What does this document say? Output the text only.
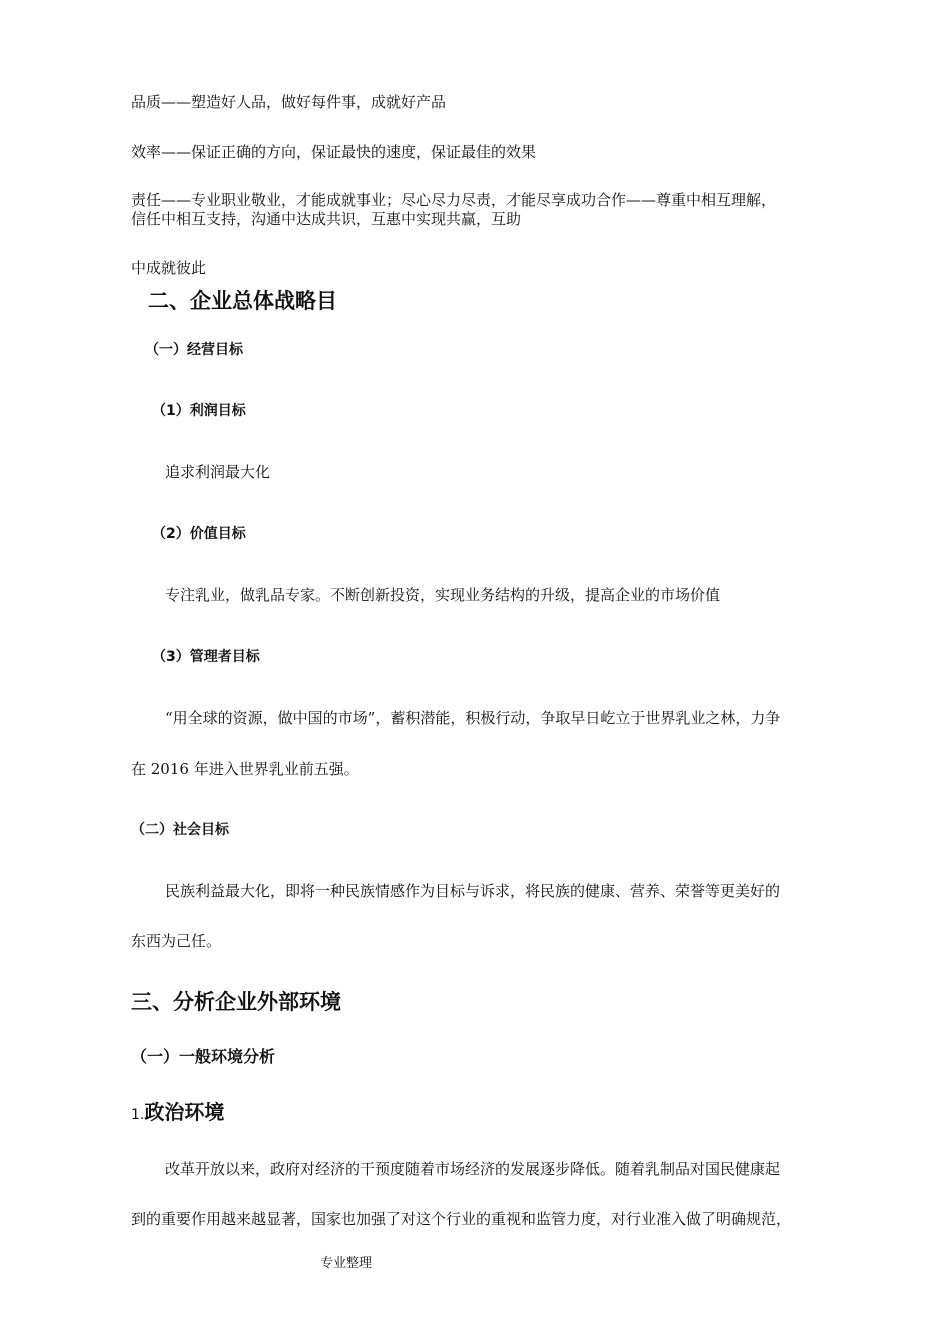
品质——塑造好人品，做好每件事，成就好产品

效率——保证正确的方向，保证最快的速度，保证最佳的效果

责任——专业职业敬业，才能成就事业；尽心尽力尽责，才能尽享成功合作——尊重中相互理解，

信任中相互支持，沟通中达成共识，互惠中实现共赢，互助

中成就彼此

二、企业总体战略目

（一）经营目标

（1）利润目标

追求利润最大化

（2）价值目标

专注乳业，做乳品专家。不断创新投资，实现业务结构的升级，提高企业的市场价值

（3）管理者目标

“用全球的资源，做中国的市场”，蓄积潜能，积极行动，争取早日屹立于世界乳业之林，力争

在 2016 年进入世界乳业前五强。

（二）社会目标

民族利益最大化，即将一种民族情感作为目标与诉求，将民族的健康、营养、荣誉等更美好的

东西为己任。

三、分析企业外部环境

（一）一般环境分析

1.政治环境

改革开放以来，政府对经济的干预度随着市场经济的发展逐步降低。随着乳制品对国民健康起

到的重要作用越来越显著，国家也加强了对这个行业的重视和监管力度，对行业准入做了明确规范，

专业整理
